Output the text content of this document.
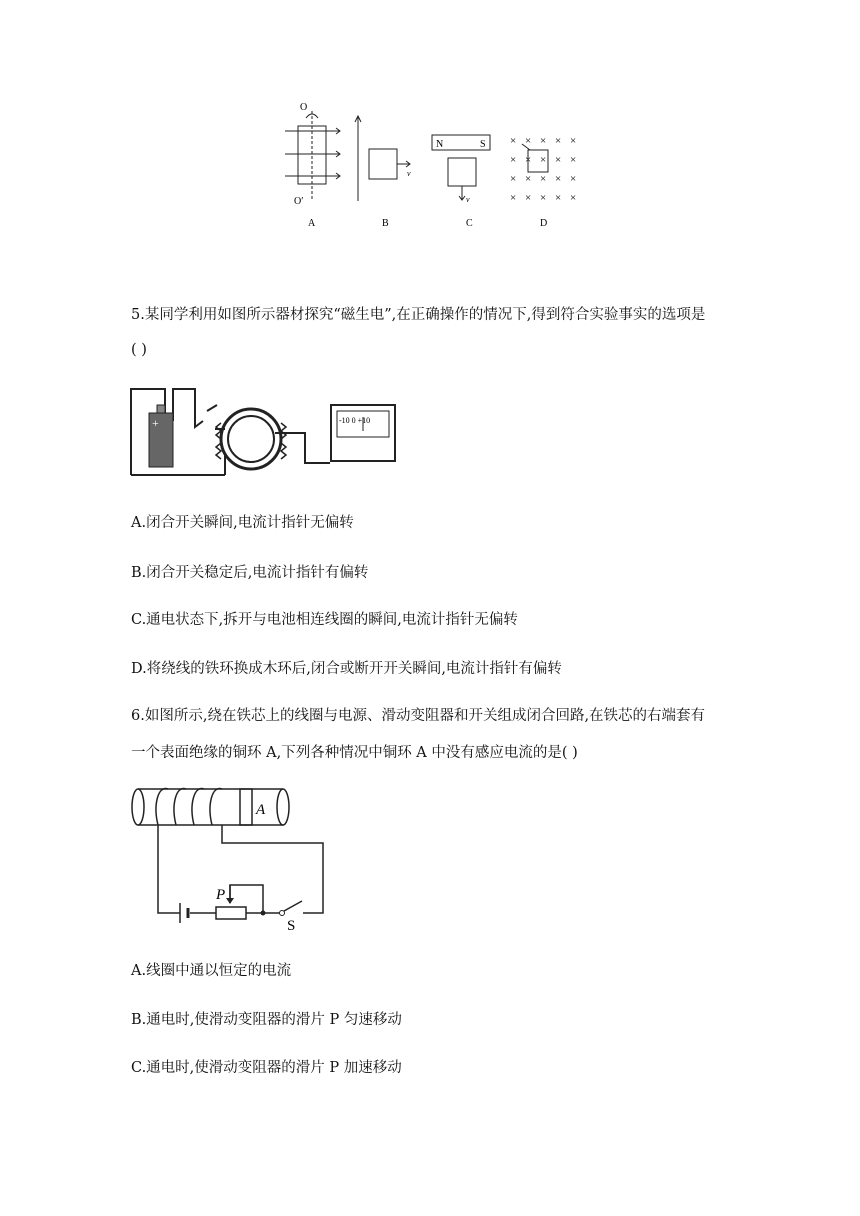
O
O′
v
N	S
v
× × × × ×
× × × × ×
× × × × ×
× × × × ×
A	B	C	D
5.某同学利用如图所示器材探究“磁生电”,在正确操作的情况下,得到符合实验事实的选项是
( )
+	-10 0 +10
A.闭合开关瞬间,电流计指针无偏转
B.闭合开关稳定后,电流计指针有偏转
C.通电状态下,拆开与电池相连线圈的瞬间,电流计指针无偏转
D.将绕线的铁环换成木环后,闭合或断开开关瞬间,电流计指针有偏转
6.如图所示,绕在铁芯上的线圈与电源、滑动变阻器和开关组成闭合回路,在铁芯的右端套有
一个表面绝缘的铜环 A,下列各种情况中铜环 A 中没有感应电流的是( )
A
P
S
A.线圈中通以恒定的电流
B.通电时,使滑动变阻器的滑片 P 匀速移动
C.通电时,使滑动变阻器的滑片 P 加速移动
